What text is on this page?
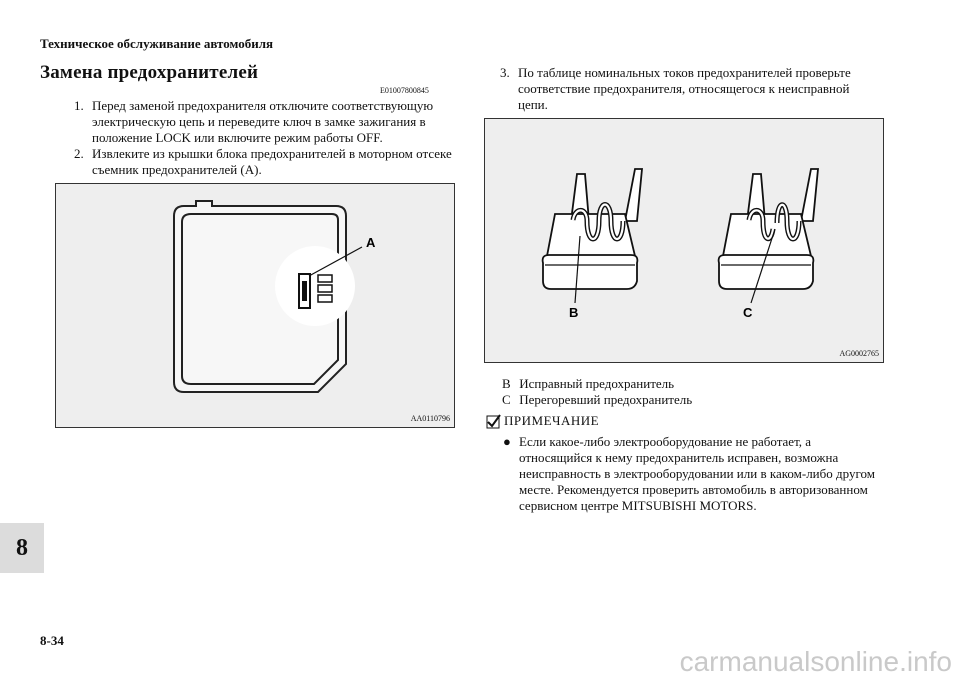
Техническое обслуживание автомобиля
Замена предохранителей
E01007800845
1. Перед заменой предохранителя отключите соответствующую электрическую цепь и переведите ключ в замке зажигания в положение LOCK или включите режим работы OFF.
2. Извлеките из крышки блока предохранителей в моторном отсеке съемник предохранителей (A).
A
AA0110796
3. По таблице номинальных токов предохранителей проверьте соответствие предохранителя, относящегося к неисправной цепи.
B	C
AG0002765
B Исправный предохранитель
C Перегоревший предохранитель
ПРИМЕЧАНИЕ
● Если какое-либо электрооборудование не работает, а относящийся к нему предохранитель исправен, возможна неисправность в электрооборудовании или в каком-либо другом месте. Рекомендуется проверить автомобиль в авторизованном сервисном центре MITSUBISHI MOTORS.
8
8-34
carmanualsonline.info
